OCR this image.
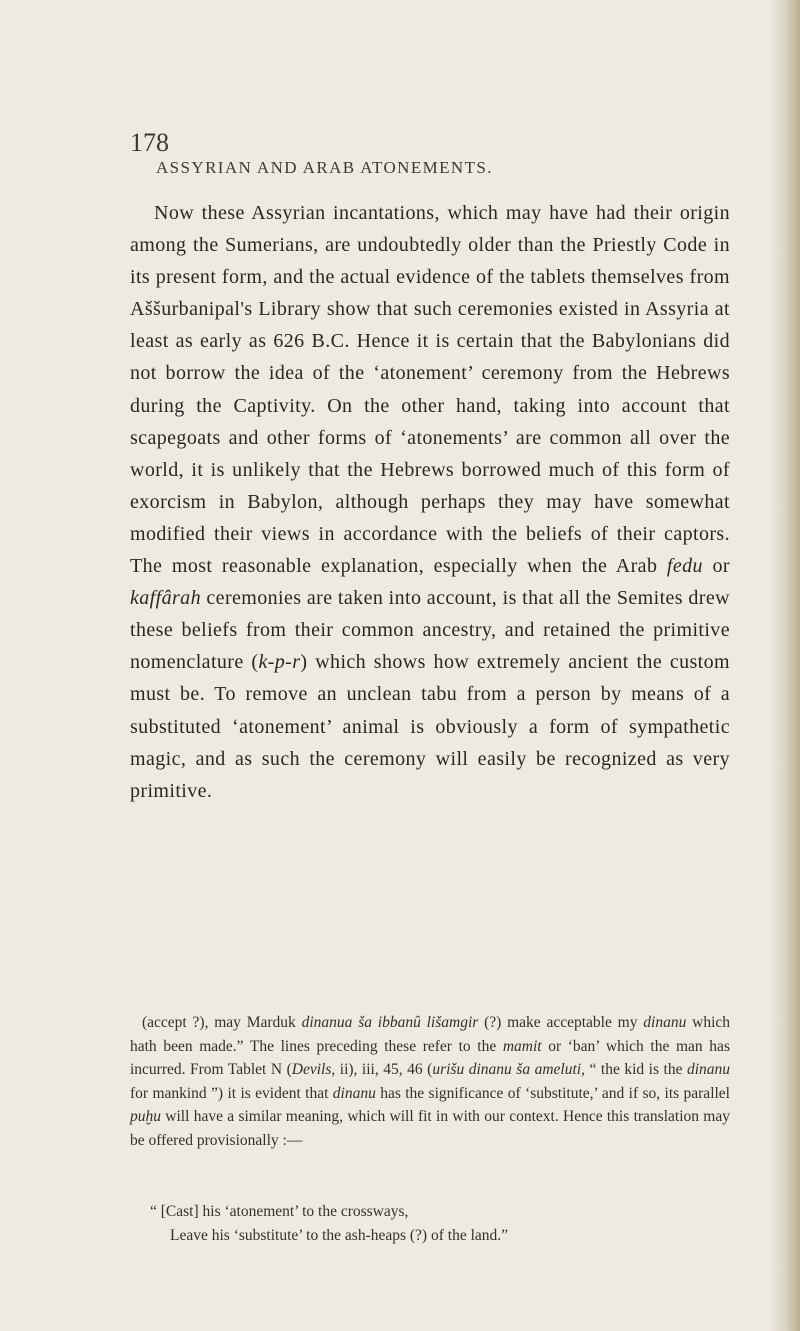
178
ASSYRIAN AND ARAB ATONEMENTS.

Now these Assyrian incantations, which may have had their origin among the Sumerians, are undoubtedly older than the Priestly Code in its present form, and the actual evidence of the tablets themselves from Aššurbanipal's Library show that such ceremonies existed in Assyria at least as early as 626 B.C. Hence it is certain that the Babylonians did not borrow the idea of the ‘atonement’ ceremony from the Hebrews during the Captivity. On the other hand, taking into account that scapegoats and other forms of ‘atonements’ are common all over the world, it is unlikely that the Hebrews borrowed much of this form of exorcism in Babylon, although perhaps they may have somewhat modified their views in accordance with the beliefs of their captors. The most reasonable explanation, especially when the Arab fedu or kaffârah ceremonies are taken into account, is that all the Semites drew these beliefs from their common ancestry, and retained the primitive nomenclature (k-p-r) which shows how extremely ancient the custom must be. To remove an unclean tabu from a person by means of a substituted ‘atonement’ animal is obviously a form of sympathetic magic, and as such the ceremony will easily be recognized as very primitive.

(accept ?), may Marduk dinanua ša ibbanû lišamgir (?) make acceptable my dinanu which hath been made.” The lines preceding these refer to the mamit or ‘ban’ which the man has incurred. From Tablet N (Devils, ii), iii, 45, 46 (urišu dinanu ša ameluti, “ the kid is the dinanu for mankind ”) it is evident that dinanu has the significance of ‘substitute,’ and if so, its parallel puḫu will have a similar meaning, which will fit in with our context. Hence this translation may be offered provisionally :—

“ [Cast] his ‘atonement’ to the crossways,
Leave his ‘substitute’ to the ash-heaps (?) of the land.”
